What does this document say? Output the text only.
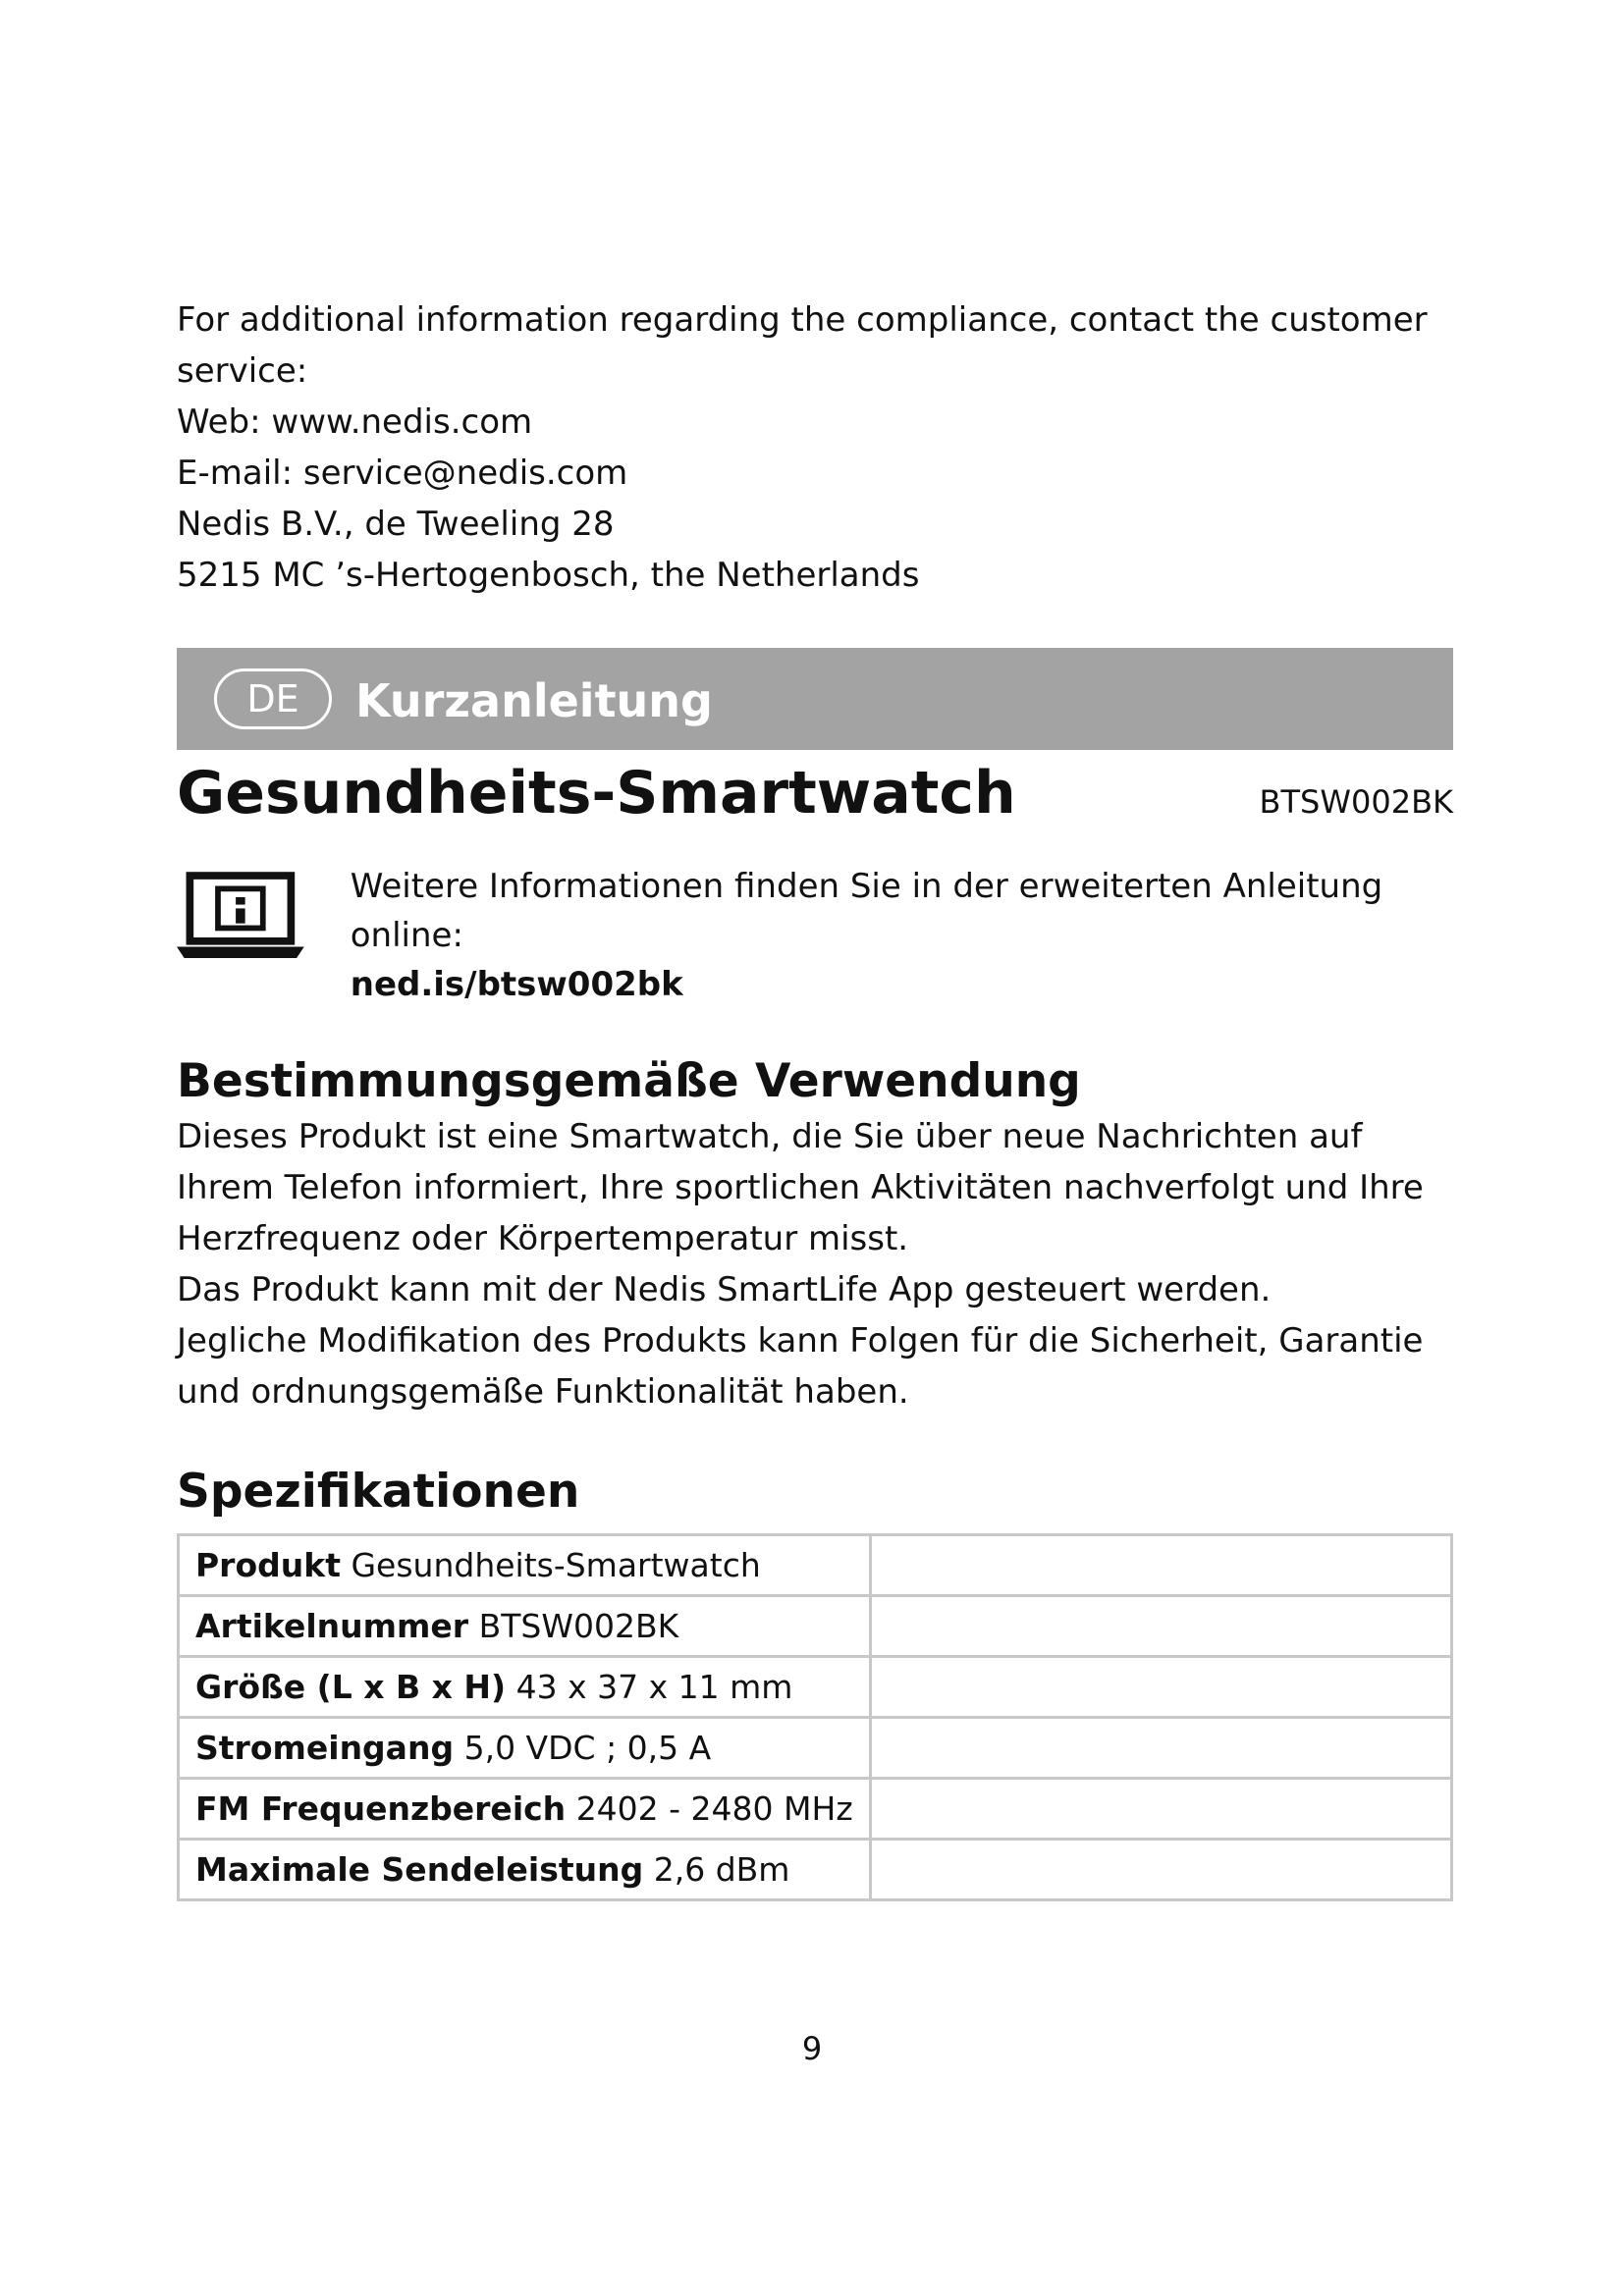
For additional information regarding the compliance, contact the customer service:

Web: www.nedis.com

E-mail: service@nedis.com

Nedis B.V., de Tweeling 28

5215 MC ’s-Hertogenbosch, the Netherlands

DE	Kurzanleitung
Gesundheits-Smartwatch	BTSW002BK
Weitere Informationen finden Sie in der erweiterten Anleitung online:
ned.is/btsw002bk
Bestimmungsgemäße Verwendung

Dieses Produkt ist eine Smartwatch, die Sie über neue Nachrichten auf Ihrem Telefon informiert, Ihre sportlichen Aktivitäten nachverfolgt und Ihre Herzfrequenz oder Körpertemperatur misst.

Das Produkt kann mit der Nedis SmartLife App gesteuert werden.

Jegliche Modifikation des Produkts kann Folgen für die Sicherheit, Garantie und ordnungsgemäße Funktionalität haben.

Spezifikationen
Produkt Gesundheits-Smartwatch	
Artikelnummer BTSW002BK	
Größe (L x B x H) 43 x 37 x 11 mm	
Stromeingang 5,0 VDC ; 0,5 A	
FM Frequenzbereich 2402 - 2480 MHz	
Maximale Sendeleistung 2,6 dBm	
9
